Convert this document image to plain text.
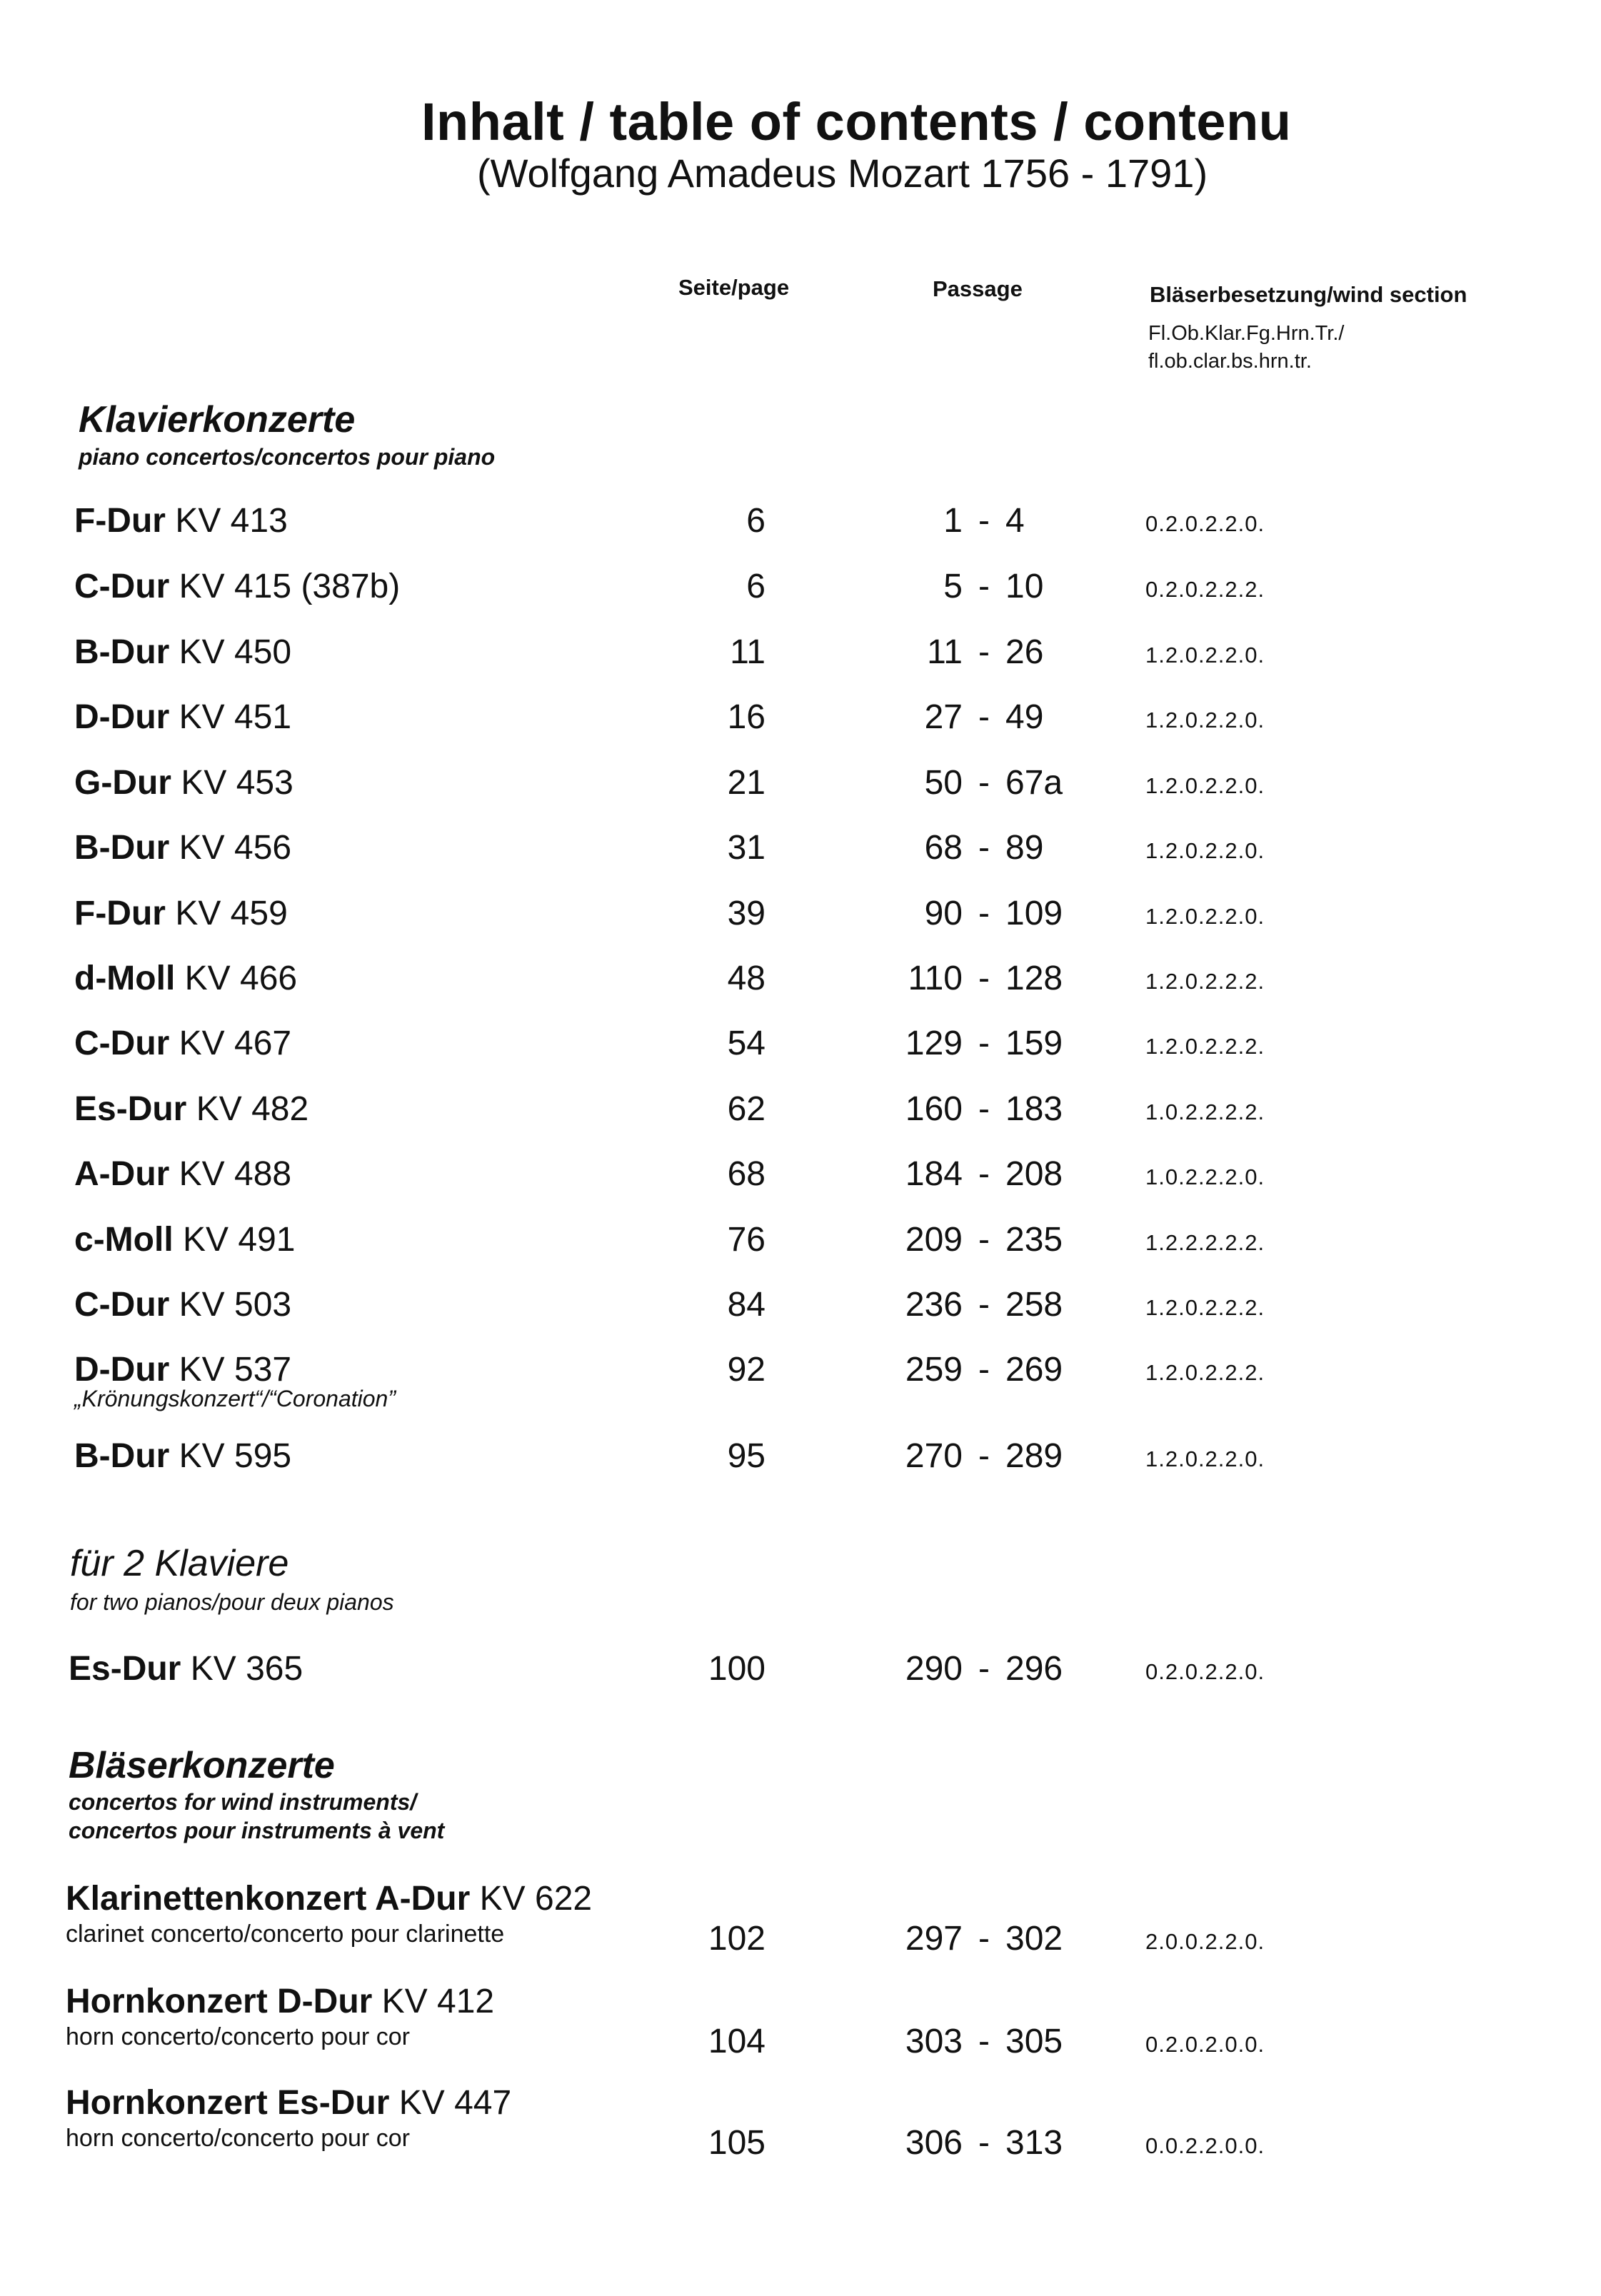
Inhalt / table of contents / contenu
(Wolfgang Amadeus Mozart 1756 - 1791)
Seite/page	Passage	Bläserbesetzung/wind section
Fl.Ob.Klar.Fg.Hrn.Tr./
fl.ob.clar.bs.hrn.tr.
Klavierkonzerte
piano concertos/concertos pour piano
F-Dur KV 413	6	1 - 4	0.2.0.2.2.0.
C-Dur KV 415 (387b)	6	5 - 10	0.2.0.2.2.2.
B-Dur KV 450	11	11 - 26	1.2.0.2.2.0.
D-Dur KV 451	16	27 - 49	1.2.0.2.2.0.
G-Dur KV 453	21	50 - 67a	1.2.0.2.2.0.
B-Dur KV 456	31	68 - 89	1.2.0.2.2.0.
F-Dur KV 459	39	90 - 109	1.2.0.2.2.0.
d-Moll KV 466	48	110 - 128	1.2.0.2.2.2.
C-Dur KV 467	54	129 - 159	1.2.0.2.2.2.
Es-Dur KV 482	62	160 - 183	1.0.2.2.2.2.
A-Dur KV 488	68	184 - 208	1.0.2.2.2.0.
c-Moll KV 491	76	209 - 235	1.2.2.2.2.2.
C-Dur KV 503	84	236 - 258	1.2.0.2.2.2.
D-Dur KV 537	92	259 - 269	1.2.0.2.2.2.
„Krönungskonzert“/“Coronation”
B-Dur KV 595	95	270 - 289	1.2.0.2.2.0.
für 2 Klaviere
for two pianos/pour deux pianos
Es-Dur KV 365	100	290 - 296	0.2.0.2.2.0.
Bläserkonzerte
concertos for wind instruments/
concertos pour instruments à vent
Klarinettenkonzert A-Dur KV 622
102	297 - 302	2.0.0.2.2.0.
clarinet concerto/concerto pour clarinette
Hornkonzert D-Dur KV 412
104	303 - 305	0.2.0.2.0.0.
horn concerto/concerto pour cor
Hornkonzert Es-Dur KV 447
105	306 - 313	0.0.2.2.0.0.
horn concerto/concerto pour cor
